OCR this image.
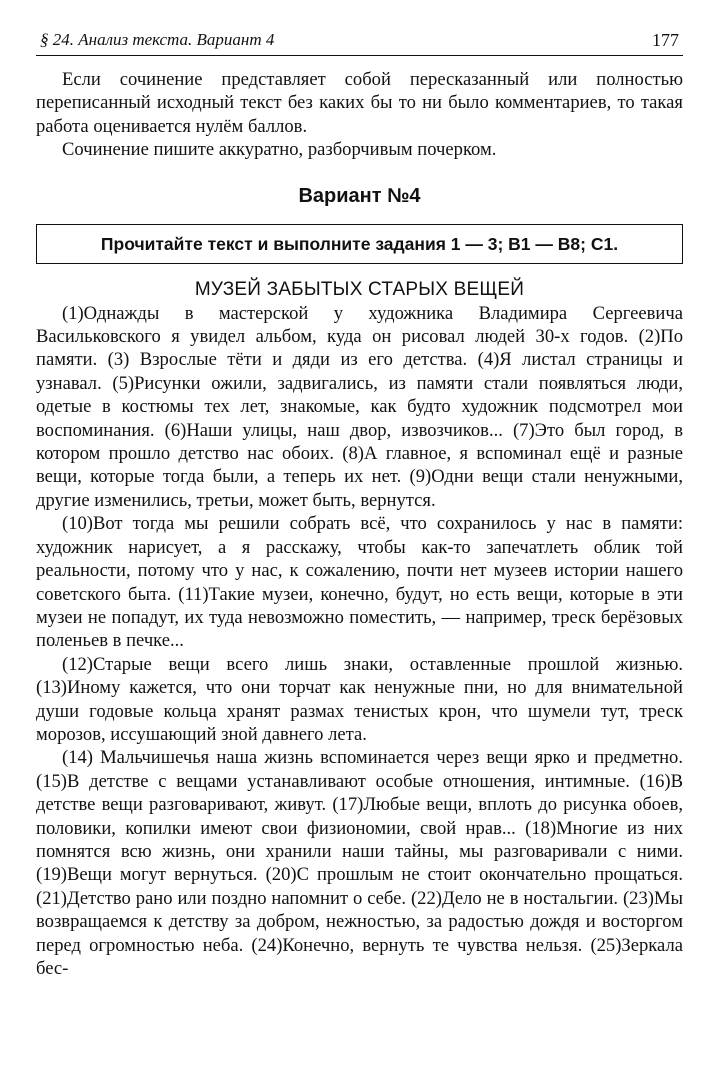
§ 24. Анализ текста. Вариант 4	177

Если сочинение представляет собой пересказанный или полностью переписанный исходный текст без каких бы то ни было комментариев, то такая работа оценивается нулём баллов.

Сочинение пишите аккуратно, разборчивым почерком.

Вариант №4
Прочитайте текст и выполните задания 1 — 3; В1 — В8; С1.
МУЗЕЙ ЗАБЫТЫХ СТАРЫХ ВЕЩЕЙ

(1)Однажды в мастерской у художника Владимира Сергеевича Васильковского я увидел альбом, куда он рисовал людей 30-х годов. (2)По памяти. (3) Взрослые тёти и дяди из его детства. (4)Я листал страницы и узнавал. (5)Рисунки ожили, задвигались, из памяти стали появляться люди, одетые в костюмы тех лет, знакомые, как будто художник подсмотрел мои воспоминания. (6)Наши улицы, наш двор, извозчиков... (7)Это был город, в котором прошло детство нас обоих. (8)А главное, я вспоминал ещё и разные вещи, которые тогда были, а теперь их нет. (9)Одни вещи стали ненужными, другие изменились, третьи, может быть, вернутся.

(10)Вот тогда мы решили собрать всё, что сохранилось у нас в памяти: художник нарисует, а я расскажу, чтобы как-то запечатлеть облик той реальности, потому что у нас, к сожалению, почти нет музеев истории нашего советского быта. (11)Такие музеи, конечно, будут, но есть вещи, которые в эти музеи не попадут, их туда невозможно поместить, — например, треск берёзовых поленьев в печке...

(12)Старые вещи всего лишь знаки, оставленные прошлой жизнью. (13)Иному кажется, что они торчат как ненужные пни, но для внимательной души годовые кольца хранят размах тенистых крон, что шумели тут, треск морозов, иссушающий зной давнего лета.

(14) Мальчишечья наша жизнь вспоминается через вещи ярко и предметно. (15)В детстве с вещами устанавливают особые отношения, интимные. (16)В детстве вещи разговаривают, живут. (17)Любые вещи, вплоть до рисунка обоев, половики, копилки имеют свои физиономии, свой нрав... (18)Многие из них помнятся всю жизнь, они хранили наши тайны, мы разговаривали с ними. (19)Вещи могут вернуться. (20)С прошлым не стоит окончательно прощаться. (21)Детство рано или поздно напомнит о себе. (22)Дело не в ностальгии. (23)Мы возвращаемся к детству за добром, нежностью, за радостью дождя и восторгом перед огромностью неба. (24)Конечно, вернуть те чувства нельзя. (25)Зеркала бес-
